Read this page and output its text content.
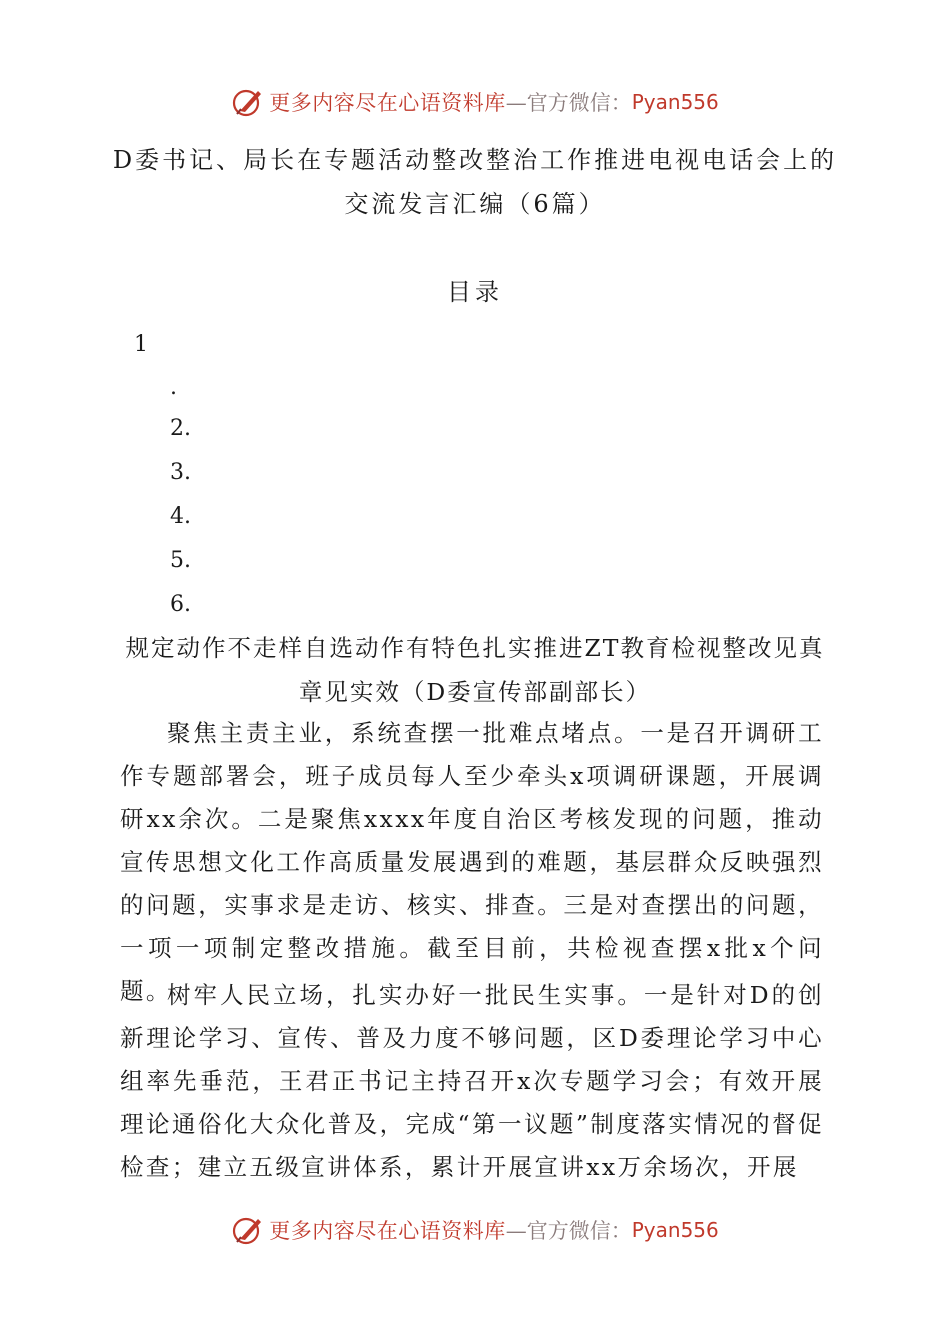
更多内容尽在心语资料库 —官方微信： Pyan556
D委书记、局长在专题活动整改整治工作推进电视电话会上的
交流发言汇编（6篇）
目录
1
.
2.
3.
4.
5.
6.
规定动作不走样自选动作有特色扎实推进ZT教育检视整改见真
章见实效（D委宣传部副部长）

聚焦主责主业，系统查摆一批难点堵点。一是召开调研工作专题部署会，班子成员每人至少牵头x项调研课题，开展调研xx余次。二是聚焦xxxx年度自治区考核发现的问题，推动宣传思想文化工作高质量发展遇到的难题，基层群众反映强烈的问题，实事求是走访、核实、排查。三是对查摆出的问题，一项一项制定整改措施。截至目前，共检视查摆x批x个问题。

树牢人民立场，扎实办好一批民生实事。一是针对D的创新理论学习、宣传、普及力度不够问题，区D委理论学习中心组率先垂范，王君正书记主持召开x次专题学习会；有效开展理论通俗化大众化普及，完成“第一议题”制度落实情况的督促检查；建立五级宣讲体系，累计开展宣讲xx万余场次，开展

更多内容尽在心语资料库 —官方微信： Pyan556
